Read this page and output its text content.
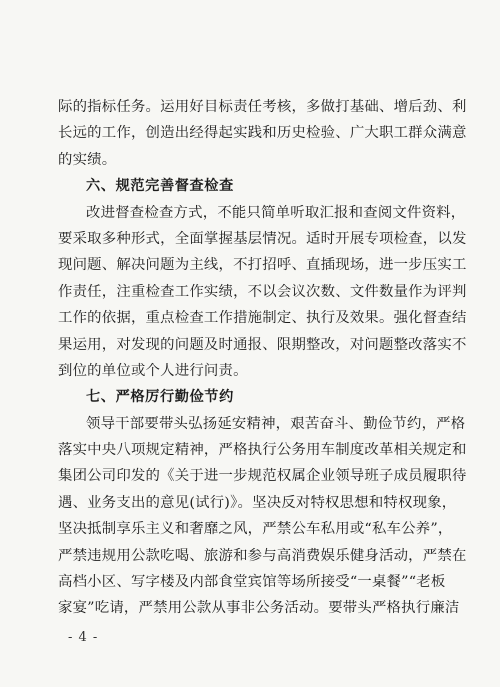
际的指标任务。运用好目标责任考核，多做打基础、增后劲、利
长远的工作，创造出经得起实践和历史检验、广大职工群众满意
的实绩。
六、规范完善督查检查
改进督查检查方式，不能只简单听取汇报和查阅文件资料，
要采取多种形式，全面掌握基层情况。适时开展专项检查，以发
现问题、解决问题为主线，不打招呼、直插现场，进一步压实工
作责任，注重检查工作实绩，不以会议次数、文件数量作为评判
工作的依据，重点检查工作措施制定、执行及效果。强化督查结
果运用，对发现的问题及时通报、限期整改，对问题整改落实不
到位的单位或个人进行问责。
七、严格厉行勤俭节约
领导干部要带头弘扬延安精神，艰苦奋斗、勤俭节约，严格
落实中央八项规定精神，严格执行公务用车制度改革相关规定和
集团公司印发的《关于进一步规范权属企业领导班子成员履职待
遇、业务支出的意见(试行)》。坚决反对特权思想和特权现象，
坚决抵制享乐主义和奢靡之风，严禁公车私用或“私车公养”，
严禁违规用公款吃喝、旅游和参与高消费娱乐健身活动，严禁在
高档小区、写字楼及内部食堂宾馆等场所接受“一桌餐”“老板
家宴”吃请，严禁用公款从事非公务活动。要带头严格执行廉洁
- 4 -
